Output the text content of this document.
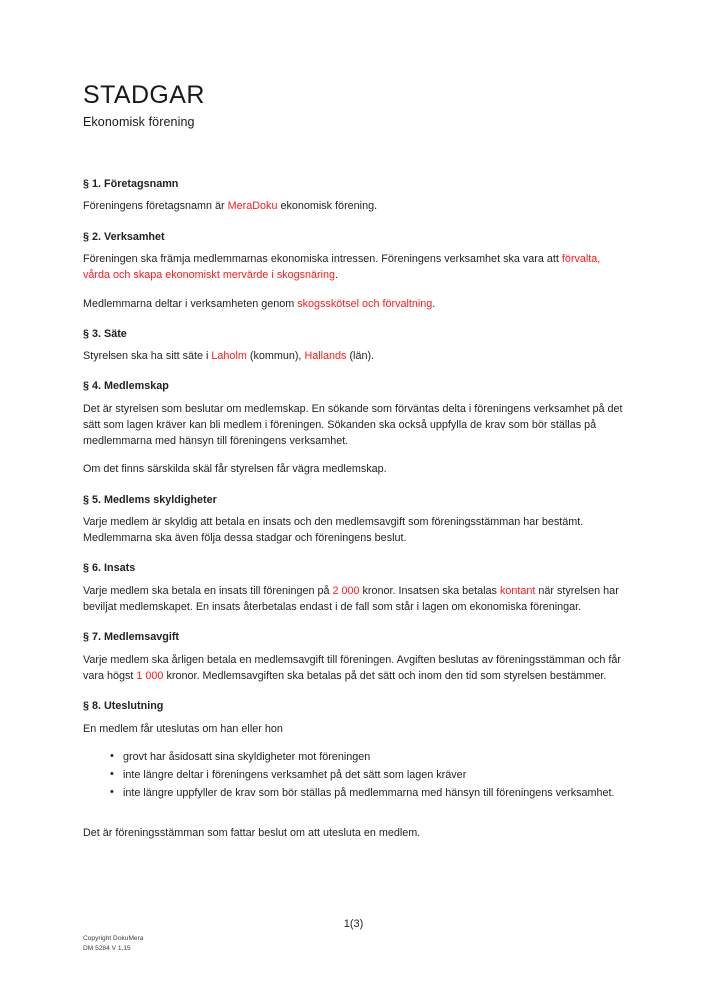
STADGAR
Ekonomisk förening
§ 1. Företagsnamn
Föreningens företagsnamn är MeraDoku ekonomisk förening.
§ 2. Verksamhet
Föreningen ska främja medlemmarnas ekonomiska intressen. Föreningens verksamhet ska vara att förvalta, vårda och skapa ekonomiskt mervärde i skogsnäring.
Medlemmarna deltar i verksamheten genom skogsskötsel och förvaltning.
§ 3. Säte
Styrelsen ska ha sitt säte i Laholm (kommun), Hallands (län).
§ 4. Medlemskap
Det är styrelsen som beslutar om medlemskap. En sökande som förväntas delta i föreningens verksamhet på det sätt som lagen kräver kan bli medlem i föreningen. Sökanden ska också uppfylla de krav som bör ställas på medlemmarna med hänsyn till föreningens verksamhet.
Om det finns särskilda skäl får styrelsen får vägra medlemskap.
§ 5. Medlems skyldigheter
Varje medlem är skyldig att betala en insats och den medlemsavgift som föreningsstämman har bestämt. Medlemmarna ska även följa dessa stadgar och föreningens beslut.
§ 6. Insats
Varje medlem ska betala en insats till föreningen på 2 000 kronor. Insatsen ska betalas kontant när styrelsen har beviljat medlemskapet. En insats återbetalas endast i de fall som står i lagen om ekonomiska föreningar.
§ 7. Medlemsavgift
Varje medlem ska årligen betala en medlemsavgift till föreningen. Avgiften beslutas av föreningsstämman och får vara högst 1 000 kronor. Medlemsavgiften ska betalas på det sätt och inom den tid som styrelsen bestämmer.
§ 8. Uteslutning
En medlem får uteslutas om han eller hon
• grovt har åsidosatt sina skyldigheter mot föreningen
• inte längre deltar i föreningens verksamhet på det sätt som lagen kräver
• inte längre uppfyller de krav som bör ställas på medlemmarna med hänsyn till föreningens verksamhet.
Det är föreningsstämman som fattar beslut om att utesluta en medlem.
1(3)
Copyright DokuMera
DM 5284 V 1.15
